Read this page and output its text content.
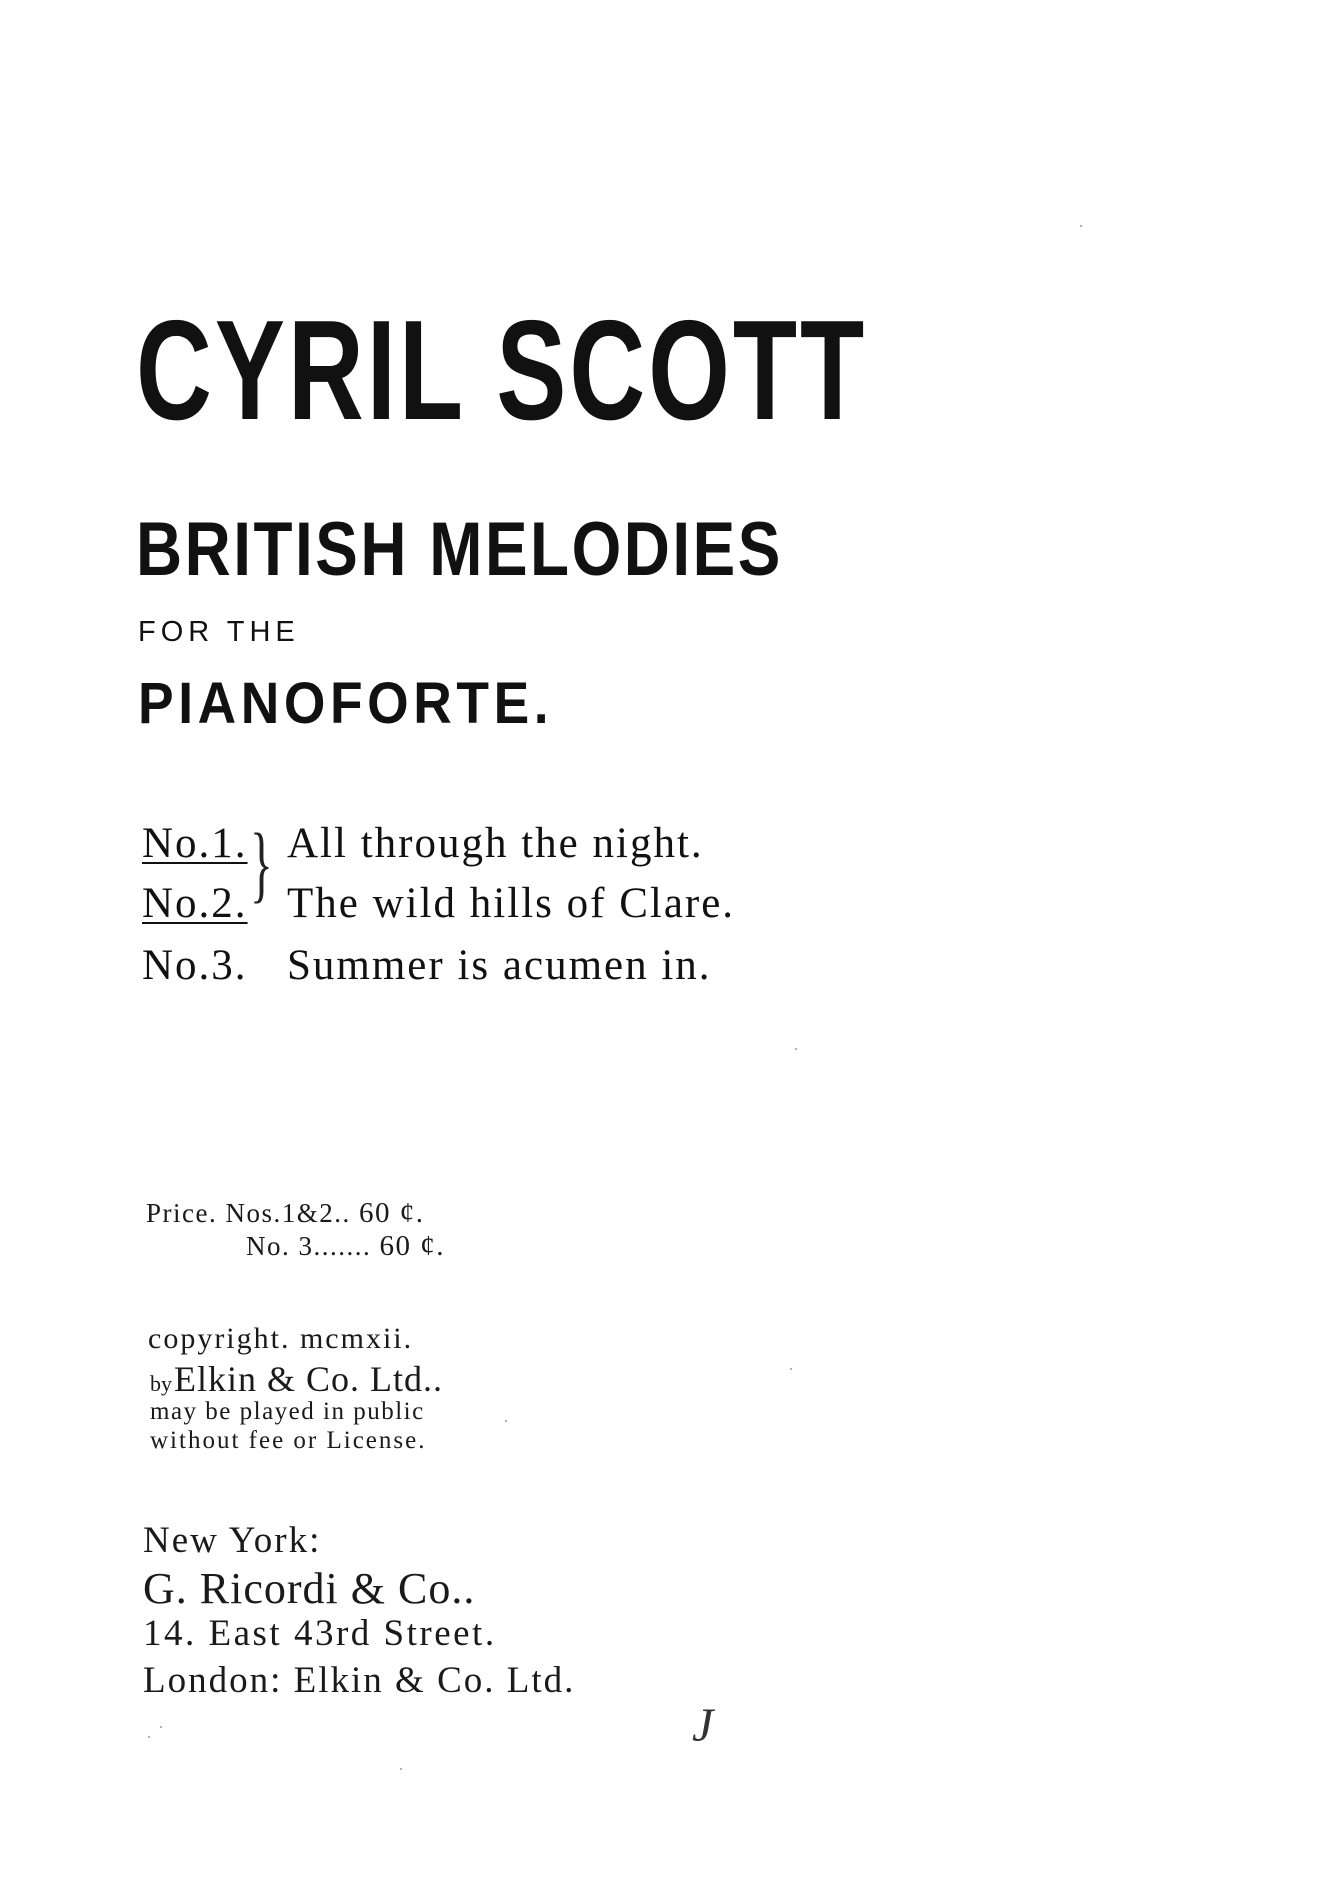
CYRIL SCOTT
BRITISH MELODIES
FOR THE
PIANOFORTE.
No.1. All through the night.
No.2. The wild hills of Clare.
}
No.3. Summer is acumen in.
Price. Nos.1&2.. 60 ¢.
No. 3....... 60 ¢.
copyright. mcmxii.
byElkin & Co. Ltd..
may be played in public
without fee or License.
New York:
G. Ricordi & Co..
14. East 43rd Street.
London: Elkin & Co. Ltd.
J
